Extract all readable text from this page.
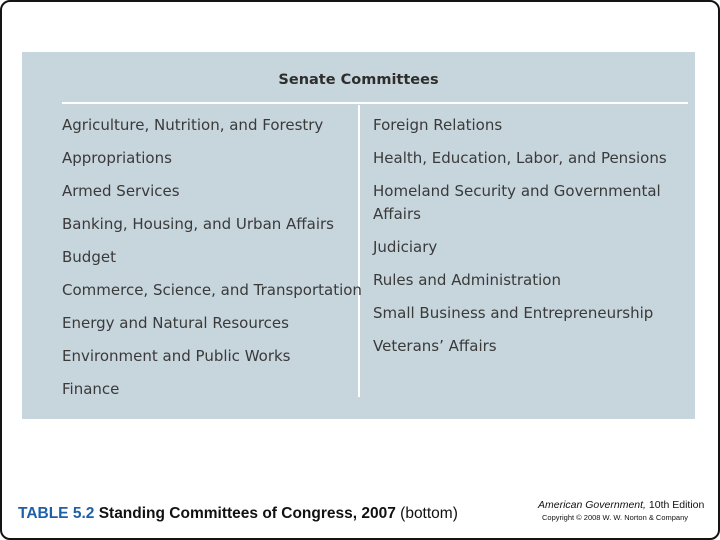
Senate Committees
Agriculture, Nutrition, and Forestry
Appropriations
Armed Services
Banking, Housing, and Urban Affairs
Budget
Commerce, Science, and Transportation
Energy and Natural Resources
Environment and Public Works
Finance
Foreign Relations
Health, Education, Labor, and Pensions
Homeland Security and Governmental Affairs
Judiciary
Rules and Administration
Small Business and Entrepreneurship
Veterans’ Affairs
TABLE 5.2 Standing Committees of Congress, 2007 (bottom)	American Government, 10th Edition
Copyright © 2008 W. W. Norton & Company
